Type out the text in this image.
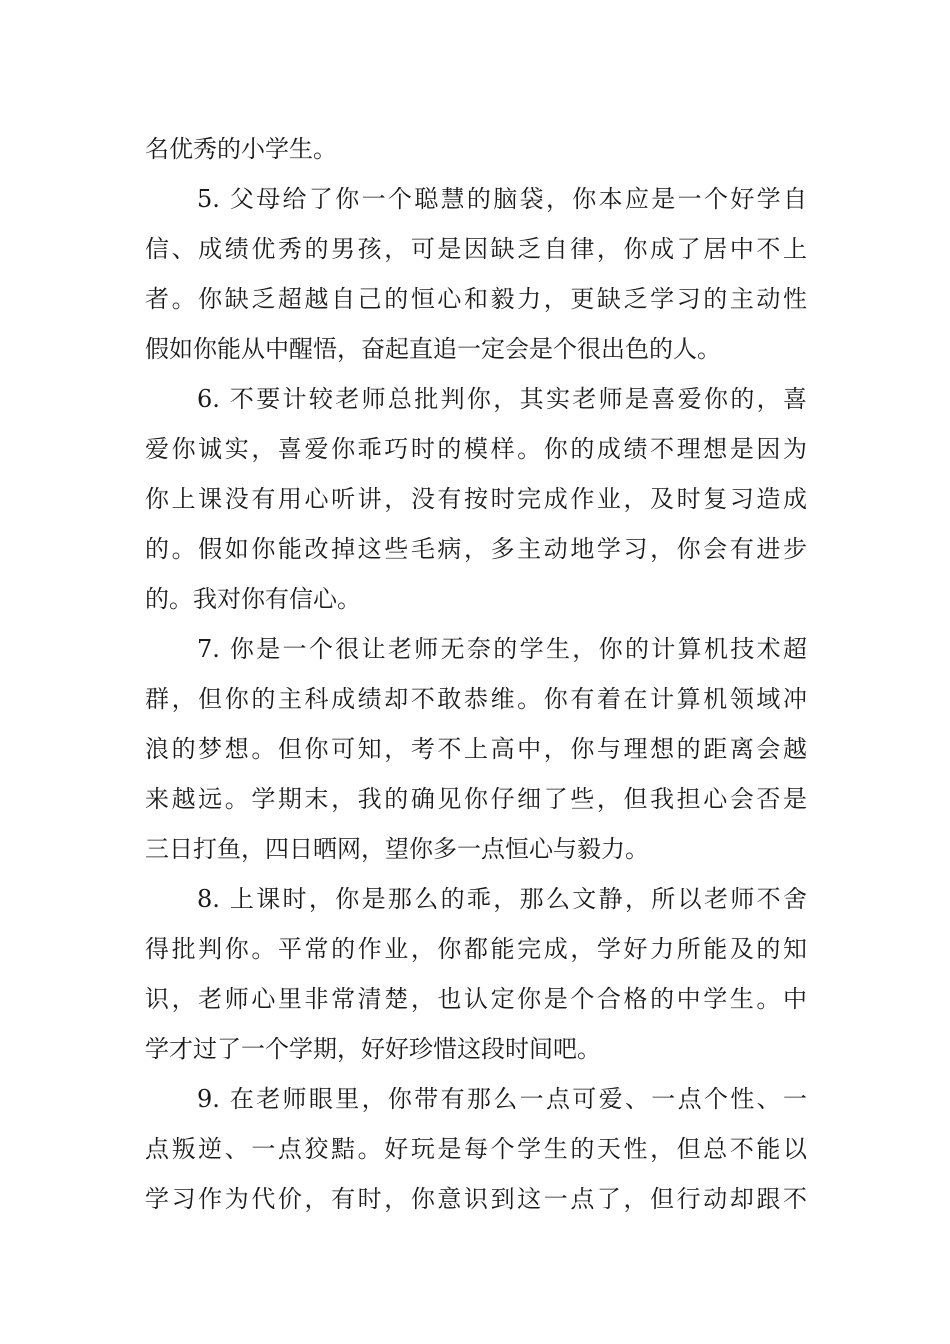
名优秀的小学生。
5. 父母给了你一个聪慧的脑袋，你本应是一个好学自
信、成绩优秀的男孩，可是因缺乏自律，你成了居中不上
者。你缺乏超越自己的恒心和毅力，更缺乏学习的主动性
假如你能从中醒悟，奋起直追一定会是个很出色的人。
6. 不要计较老师总批判你，其实老师是喜爱你的，喜
爱你诚实，喜爱你乖巧时的模样。你的成绩不理想是因为
你上课没有用心听讲，没有按时完成作业，及时复习造成
的。假如你能改掉这些毛病，多主动地学习，你会有进步
的。我对你有信心。
7. 你是一个很让老师无奈的学生，你的计算机技术超
群，但你的主科成绩却不敢恭维。你有着在计算机领域冲
浪的梦想。但你可知，考不上高中，你与理想的距离会越
来越远。学期末，我的确见你仔细了些，但我担心会否是
三日打鱼，四日晒网，望你多一点恒心与毅力。
8. 上课时，你是那么的乖，那么文静，所以老师不舍
得批判你。平常的作业，你都能完成，学好力所能及的知
识，老师心里非常清楚，也认定你是个合格的中学生。中
学才过了一个学期，好好珍惜这段时间吧。
9. 在老师眼里，你带有那么一点可爱、一点个性、一
点叛逆、一点狡黠。好玩是每个学生的天性，但总不能以
学习作为代价，有时，你意识到这一点了，但行动却跟不
